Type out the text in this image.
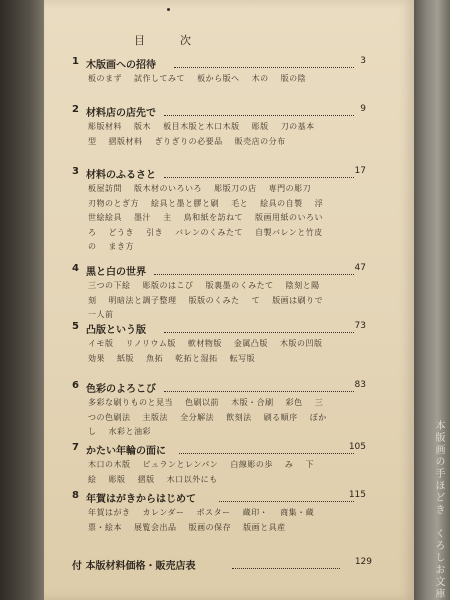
目　次
1 木版画への招待	3
板のまず 試作してみて 板から版へ 木の 版の陰
2 材料店の店先で	9
彫版材料 版木 板目木版と木口木版 彫版 刀の基本型 摺版材料 ぎりぎりの必要品 販売店の分布
3 材料のふるさと	17
板屋訪問 版木材のいろいろ 彫版刀の店 専門の彫刀 刃物のとぎ方 絵具と墨と膠と刷 毛と 絵具の自製 浮世絵絵具 墨汁 主 鳥和紙を訪ねて 版画用紙のいろいろ どうき 引き バレンのくみたて 自製バレンと竹皮の まき方
4 黒と白の世界	47
三つの下絵 彫版のはこび 版裏墨のくみたて 陰刻と陽刻 明暗法と調子整理 版版のくみた て 版画は刷りで一人前
5 凸版という版	73
イモ版 リノリウム版 軟材物版 金属凸版 木版の凹版効果 紙版 魚拓 乾拓と湿拓 転写版
6 色彩のよろこび	83
多彩な刷りものと見当 色刷以前 木版・合刷 彩色 三つの色刷法 主版法 全分解法 飲刻法 刷る順序 ぼかし 水彩と油彩
7 かたい年輪の面に	105
木口の木版 ビュランとレンパン 白線彫の歩 み 下絵 彫版 摺版 木口以外にも
8 年賀はがきからはじめて	115
年賀はがき カレンダー ポスター 蔵印・ 商集・蔵票・絵本 展覧会出品 版画の保存 版画と具産
付 本版材料価格・販売店表	129	本版画の手ほどき　くろしお文庫
